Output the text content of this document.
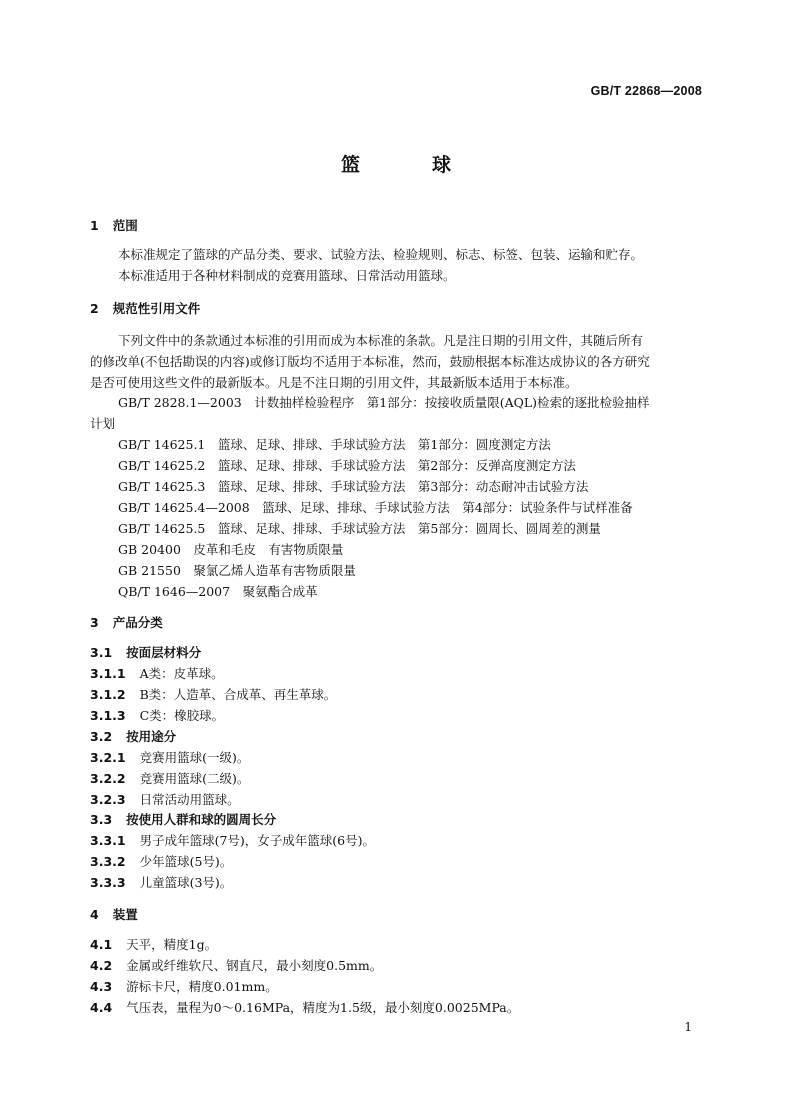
GB/T 22868—2008
篮	球
1 范围
本标准规定了篮球的产品分类、要求、试验方法、检验规则、标志、标签、包装、运输和贮存。
本标准适用于各种材料制成的竞赛用篮球、日常活动用篮球。
2 规范性引用文件
下列文件中的条款通过本标准的引用而成为本标准的条款。凡是注日期的引用文件，其随后所有
的修改单(不包括勘误的内容)或修订版均不适用于本标准，然而，鼓励根据本标准达成协议的各方研究
是否可使用这些文件的最新版本。凡是不注日期的引用文件，其最新版本适用于本标准。
GB/T 2828.1—2003　计数抽样检验程序　第1部分：按接收质量限(AQL)检索的逐批检验抽样
计划
GB/T 14625.1　篮球、足球、排球、手球试验方法　第1部分：圆度测定方法
GB/T 14625.2　篮球、足球、排球、手球试验方法　第2部分：反弹高度测定方法
GB/T 14625.3　篮球、足球、排球、手球试验方法　第3部分：动态耐冲击试验方法
GB/T 14625.4—2008　篮球、足球、排球、手球试验方法　第4部分：试验条件与试样准备
GB/T 14625.5　篮球、足球、排球、手球试验方法　第5部分：圆周长、圆周差的测量
GB 20400　皮革和毛皮　有害物质限量
GB 21550　聚氯乙烯人造革有害物质限量
QB/T 1646—2007　聚氨酯合成革
3 产品分类
3.1 按面层材料分
3.1.1 A类：皮革球。
3.1.2 B类：人造革、合成革、再生革球。
3.1.3 C类：橡胶球。
3.2 按用途分
3.2.1 竞赛用篮球(一级)。
3.2.2 竞赛用篮球(二级)。
3.2.3 日常活动用篮球。
3.3 按使用人群和球的圆周长分
3.3.1 男子成年篮球(7号)，女子成年篮球(6号)。
3.3.2 少年篮球(5号)。
3.3.3 儿童篮球(3号)。
4 装置
4.1 天平，精度1g。
4.2 金属或纤维软尺、钢直尺，最小刻度0.5mm。
4.3 游标卡尺，精度0.01mm。
4.4 气压表，量程为0～0.16MPa，精度为1.5级，最小刻度0.0025MPa。
1
